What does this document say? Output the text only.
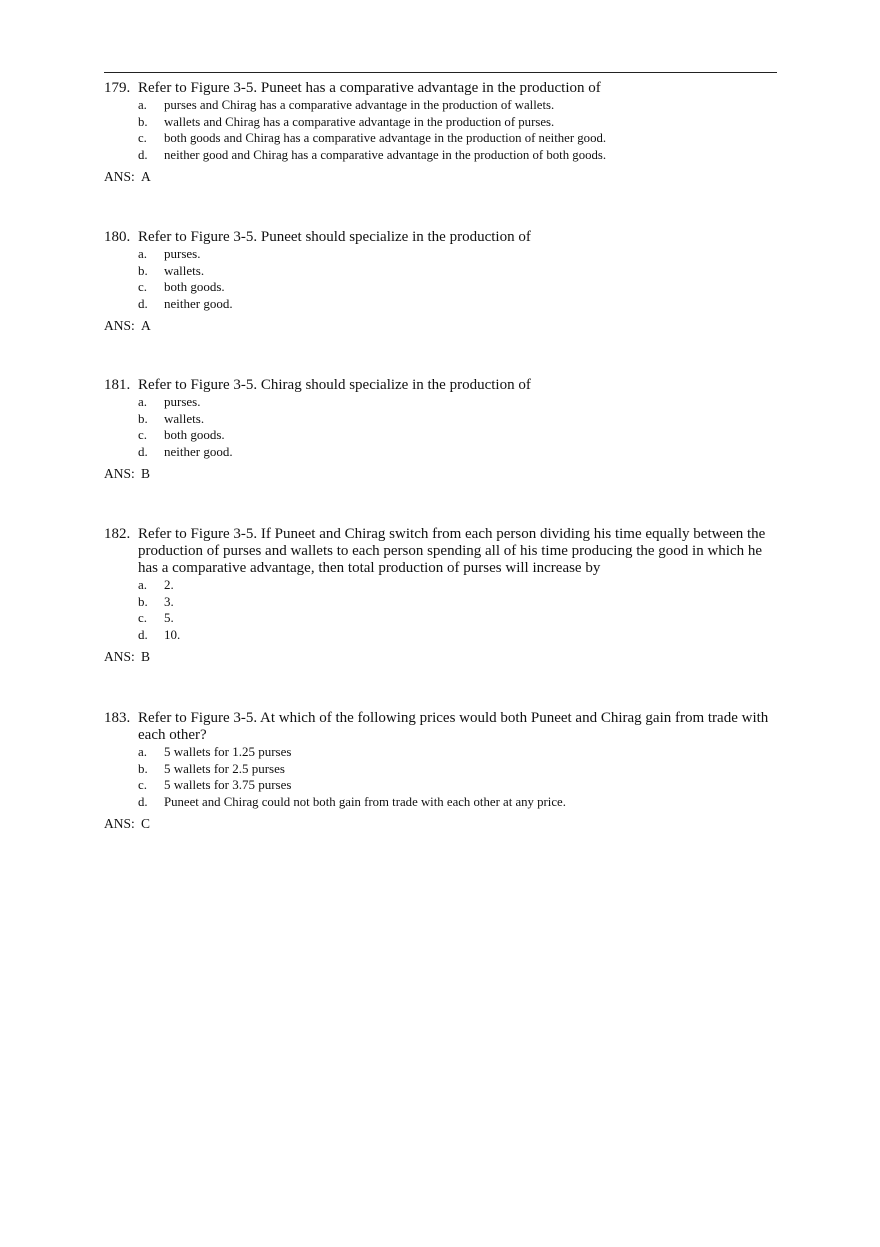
179. Refer to Figure 3-5. Puneet has a comparative advantage in the production of
a.	purses and Chirag has a comparative advantage in the production of wallets.
b.	wallets and Chirag has a comparative advantage in the production of purses.
c.	both goods and Chirag has a comparative advantage in the production of neither good.
d.	neither good and Chirag has a comparative advantage in the production of both goods.
ANS: A
180. Refer to Figure 3-5. Puneet should specialize in the production of
a.	purses.
b.	wallets.
c.	both goods.
d.	neither good.
ANS: A
181. Refer to Figure 3-5. Chirag should specialize in the production of
a.	purses.
b.	wallets.
c.	both goods.
d.	neither good.
ANS: B
182. Refer to Figure 3-5. If Puneet and Chirag switch from each person dividing his time equally between the production of purses and wallets to each person spending all of his time producing the good in which he has a comparative advantage, then total production of purses will increase by
a.	2.
b.	3.
c.	5.
d.	10.
ANS: B
183. Refer to Figure 3-5. At which of the following prices would both Puneet and Chirag gain from trade with each other?
a.	5 wallets for 1.25 purses
b.	5 wallets for 2.5 purses
c.	5 wallets for 3.75 purses
d.	Puneet and Chirag could not both gain from trade with each other at any price.
ANS: C
